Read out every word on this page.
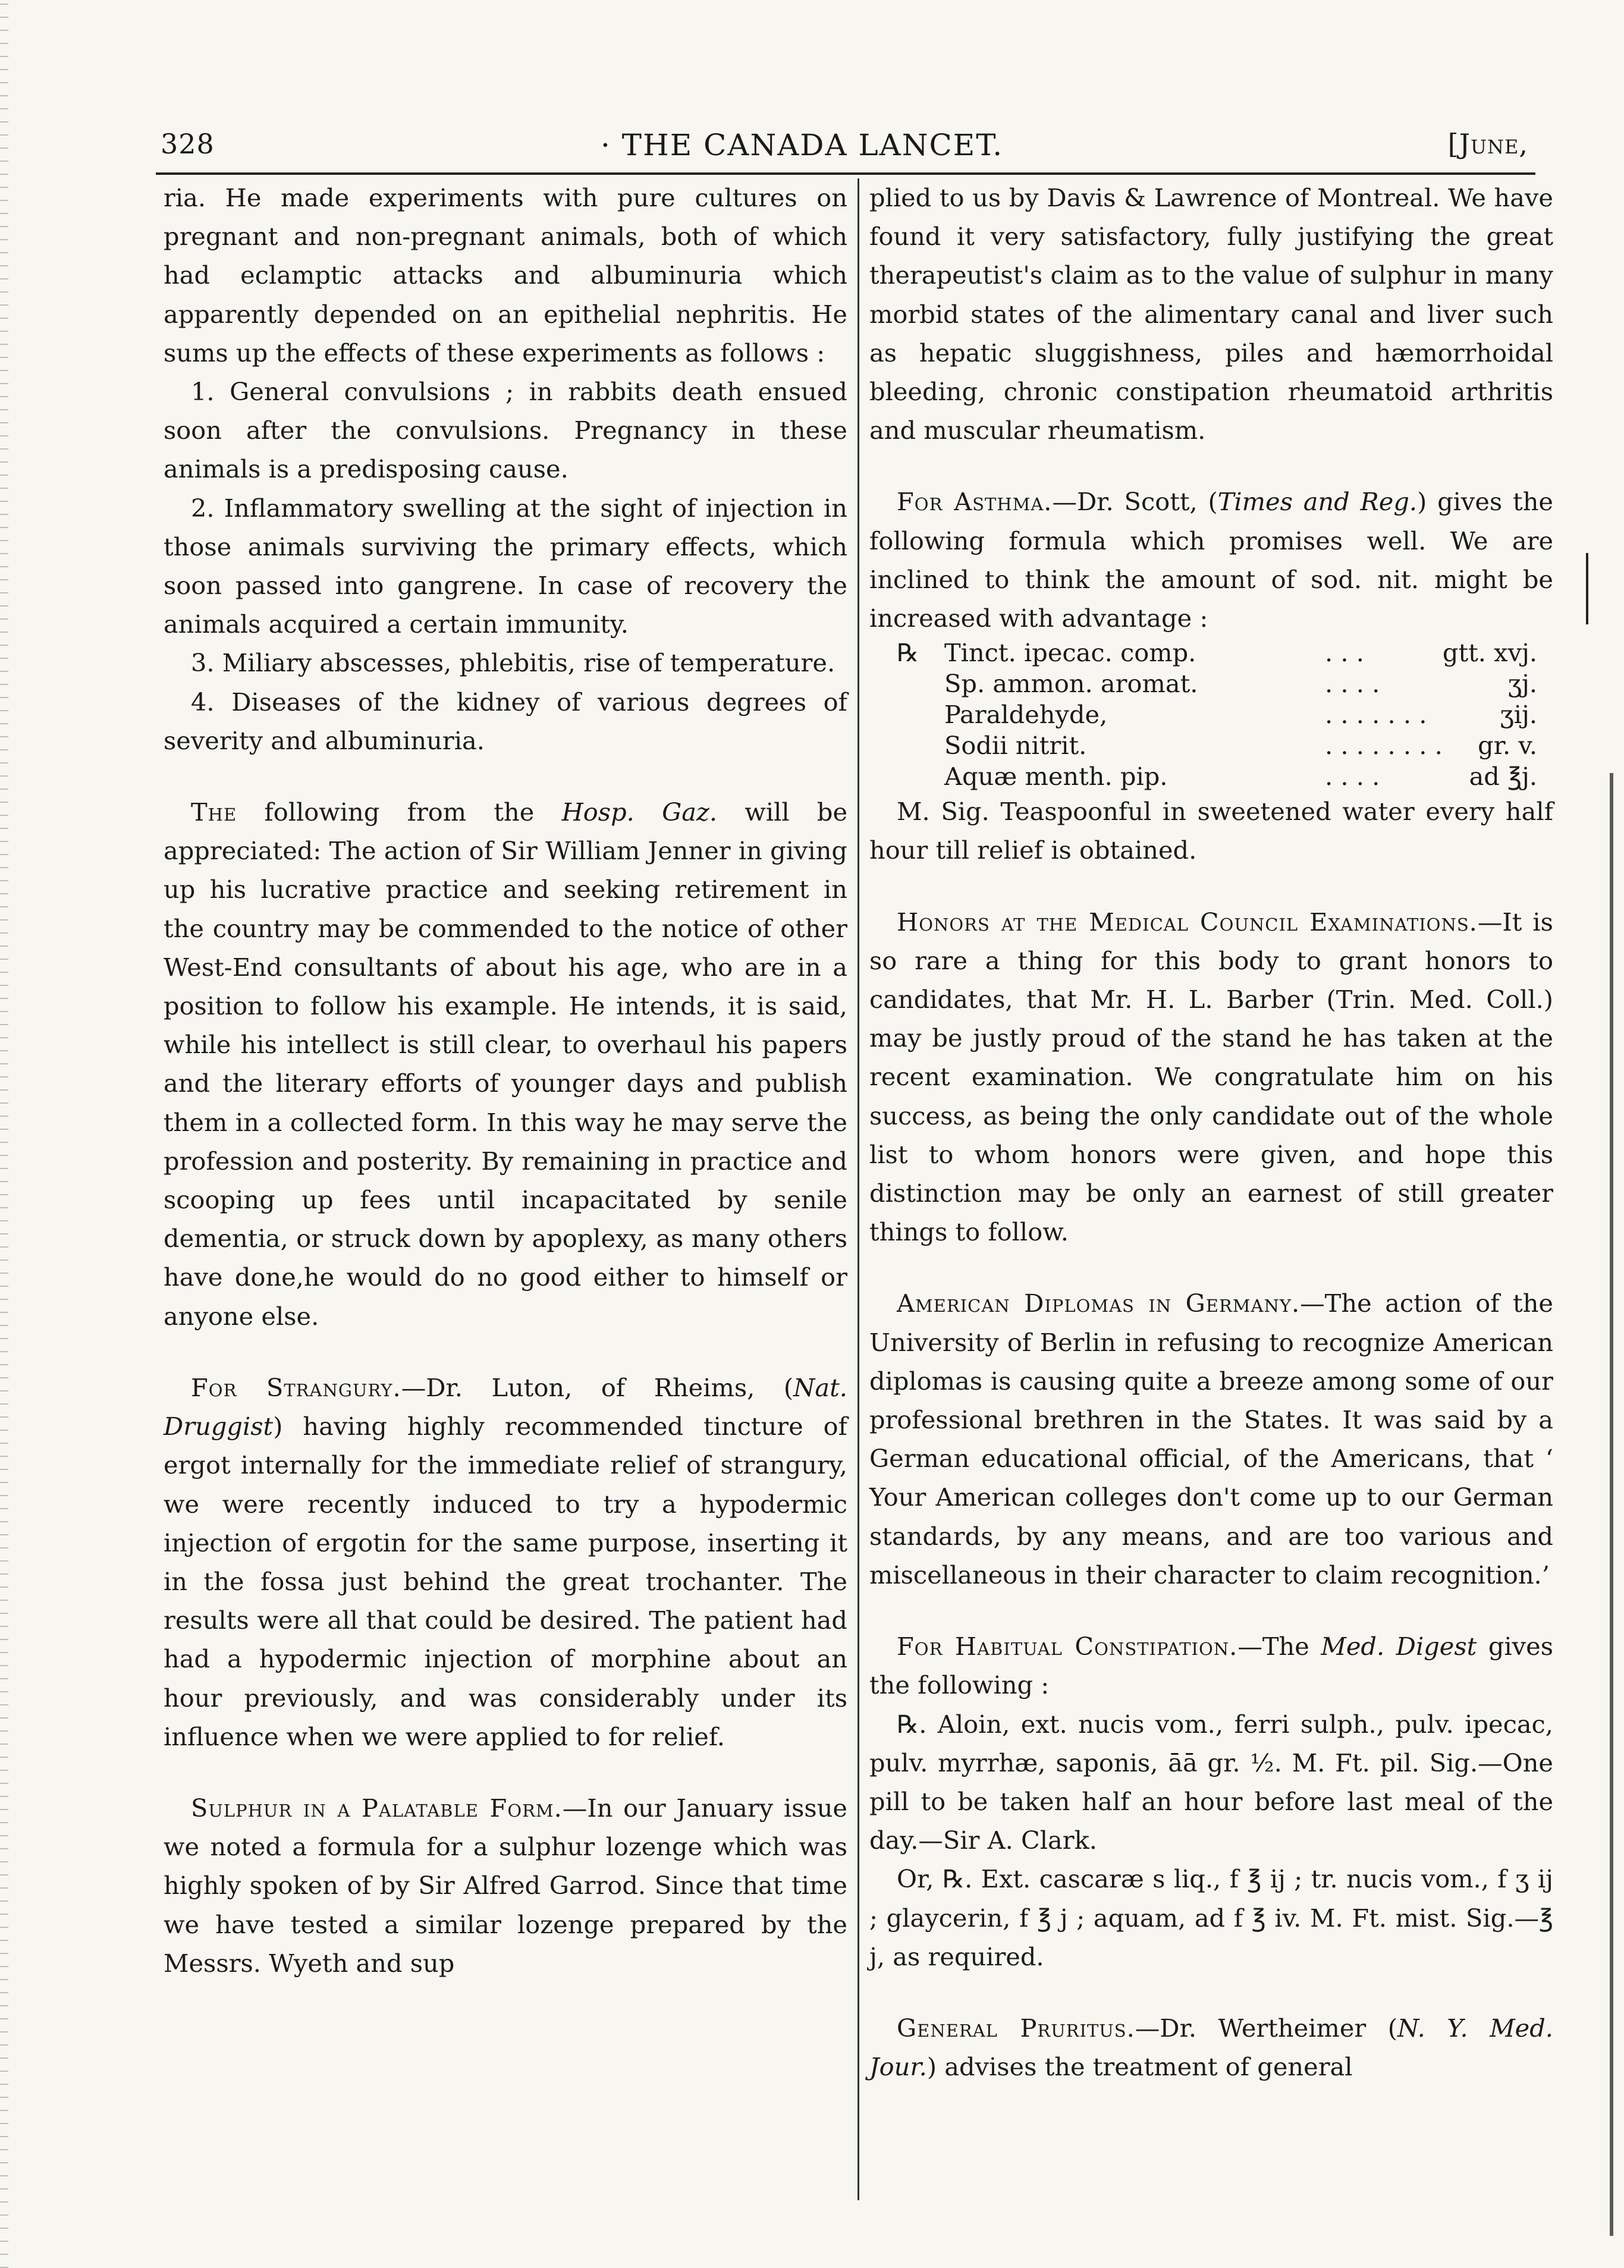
328	· THE CANADA LANCET.	[June,

ria. He made experiments with pure cultures on pregnant and non-pregnant animals, both of which had eclamptic attacks and albuminuria which apparently depended on an epithelial nephritis. He sums up the effects of these experiments as follows :

1. General convulsions ; in rabbits death ensued soon after the convulsions. Pregnancy in these animals is a predisposing cause.

2. Inflammatory swelling at the sight of injection in those animals surviving the primary effects, which soon passed into gangrene. In case of recovery the animals acquired a certain immunity.

3. Miliary abscesses, phlebitis, rise of temperature.

4. Diseases of the kidney of various degrees of severity and albuminuria.

The following from the Hosp. Gaz. will be appreciated: The action of Sir William Jenner in giving up his lucrative practice and seeking retirement in the country may be commended to the notice of other West-End consultants of about his age, who are in a position to follow his example. He intends, it is said, while his intellect is still clear, to overhaul his papers and the literary efforts of younger days and publish them in a collected form. In this way he may serve the profession and posterity. By remaining in practice and scooping up fees until incapacitated by senile dementia, or struck down by apoplexy, as many others have done,he would do no good either to himself or anyone else.

For Strangury.—Dr. Luton, of Rheims, (Nat. Druggist) having highly recommended tincture of ergot internally for the immediate relief of strangury, we were recently induced to try a hypodermic injection of ergotin for the same purpose, inserting it in the fossa just behind the great trochanter. The results were all that could be desired. The patient had had a hypodermic injection of morphine about an hour previously, and was considerably under its influence when we were applied to for relief.

Sulphur in a Palatable Form.—In our January issue we noted a formula for a sulphur lozenge which was highly spoken of by Sir Alfred Garrod. Since that time we have tested a similar lozenge prepared by the Messrs. Wyeth and sup

plied to us by Davis & Lawrence of Montreal. We have found it very satisfactory, fully justifying the great therapeutist's claim as to the value of sulphur in many morbid states of the alimentary canal and liver such as hepatic sluggishness, piles and hæmorrhoidal bleeding, chronic constipation rheumatoid arthritis and muscular rheumatism.

For Asthma.—Dr. Scott, (Times and Reg.) gives the following formula which promises well. We are inclined to think the amount of sod. nit. might be increased with advantage :

℞	Tinct. ipecac. comp.	. . .	gtt. xvj.
	Sp. ammon. aromat.	. . . .	ʒj.
	Paraldehyde,	. . . . . . .	ʒij.
	Sodii nitrit.	. . . . . . . .	gr. v.
	Aquæ menth. pip.	. . . .	ad ℥j.

M. Sig. Teaspoonful in sweetened water every half hour till relief is obtained.

Honors at the Medical Council Examinations.—It is so rare a thing for this body to grant honors to candidates, that Mr. H. L. Barber (Trin. Med. Coll.) may be justly proud of the stand he has taken at the recent examination. We congratulate him on his success, as being the only candidate out of the whole list to whom honors were given, and hope this distinction may be only an earnest of still greater things to follow.

American Diplomas in Germany.—The action of the University of Berlin in refusing to recognize American diplomas is causing quite a breeze among some of our professional brethren in the States. It was said by a German educational official, of the Americans, that ‘ Your American colleges don't come up to our German standards, by any means, and are too various and miscellaneous in their character to claim recognition.’

For Habitual Constipation.—The Med. Digest gives the following :

℞. Aloin, ext. nucis vom., ferri sulph., pulv. ipecac, pulv. myrrhæ, saponis, āā gr. ½. M. Ft. pil. Sig.—One pill to be taken half an hour before last meal of the day.—Sir A. Clark.

Or, ℞. Ext. cascaræ s liq., f ℥ ij ; tr. nucis vom., f ʒ ij ; glaycerin, f ℥ j ; aquam, ad f ℥ iv. M. Ft. mist. Sig.—℥ j, as required.

General Pruritus.—Dr. Wertheimer (N. Y. Med. Jour.) advises the treatment of general
